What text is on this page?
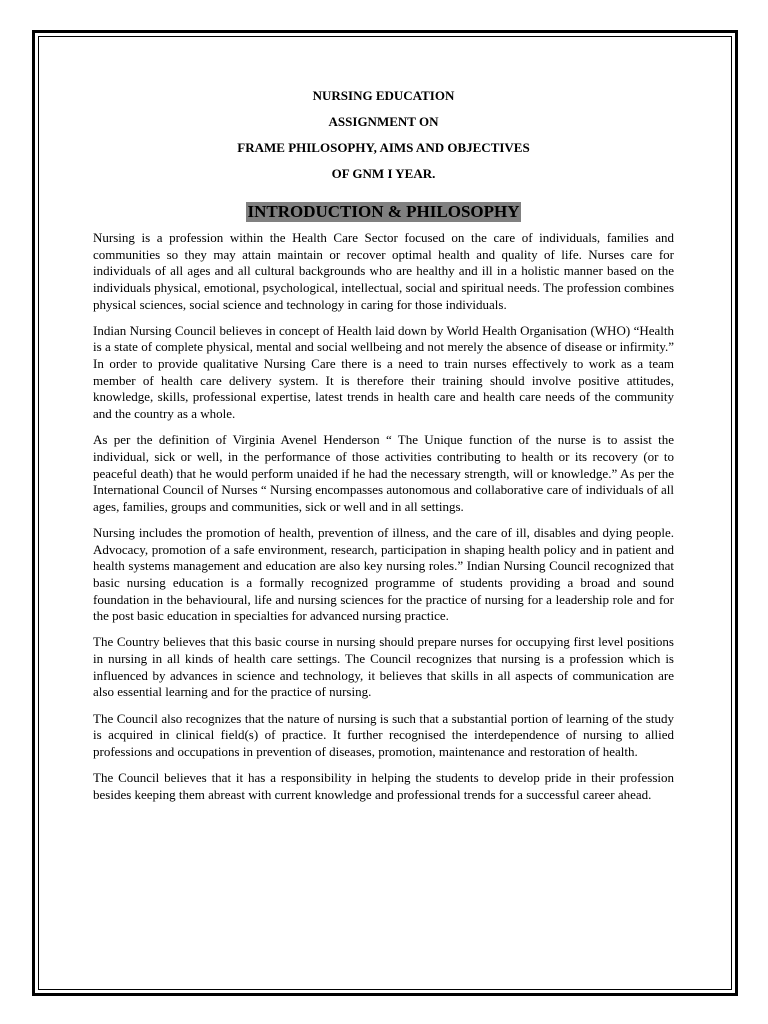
NURSING EDUCATION

ASSIGNMENT ON

FRAME PHILOSOPHY, AIMS AND OBJECTIVES

OF GNM I YEAR.

INTRODUCTION & PHILOSOPHY

Nursing is a profession within the Health Care Sector focused on the care of individuals, families and communities so they may attain maintain or recover optimal health and quality of life. Nurses care for individuals of all ages and all cultural backgrounds who are healthy and ill in a holistic manner based on the individuals physical, emotional, psychological, intellectual, social and spiritual needs. The profession combines physical sciences, social science and technology in caring for those individuals.

Indian Nursing Council believes in concept of Health laid down by World Health Organisation (WHO) “Health is a state of complete physical, mental and social wellbeing and not merely the absence of disease or infirmity.” In order to provide qualitative Nursing Care there is a need to train nurses effectively to work as a team member of health care delivery system. It is therefore their training should involve positive attitudes, knowledge, skills, professional expertise, latest trends in health care and health care needs of the community and the country as a whole.

As per the definition of Virginia Avenel Henderson “ The Unique function of the nurse is to assist the individual, sick or well, in the performance of those activities contributing to health or its recovery (or to peaceful death) that he would perform unaided if he had the necessary strength, will or knowledge.” As per the International Council of Nurses “ Nursing encompasses autonomous and collaborative care of individuals of all ages, families, groups and communities, sick or well and in all settings.

Nursing includes the promotion of health, prevention of illness, and the care of ill, disables and dying people. Advocacy, promotion of a safe environment, research, participation in shaping health policy and in patient and health systems management and education are also key nursing roles.” Indian Nursing Council recognized that basic nursing education is a formally recognized programme of students providing a broad and sound foundation in the behavioural, life and nursing sciences for the practice of nursing for a leadership role and for the post basic education in specialties for advanced nursing practice.

The Country believes that this basic course in nursing should prepare nurses for occupying first level positions in nursing in all kinds of health care settings. The Council recognizes that nursing is a profession which is influenced by advances in science and technology, it believes that skills in all aspects of communication are also essential learning and for the practice of nursing.

The Council also recognizes that the nature of nursing is such that a substantial portion of learning of the study is acquired in clinical field(s) of practice. It further recognised the interdependence of nursing to allied professions and occupations in prevention of diseases, promotion, maintenance and restoration of health.

The Council believes that it has a responsibility in helping the students to develop pride in their profession besides keeping them abreast with current knowledge and professional trends for a successful career ahead.
